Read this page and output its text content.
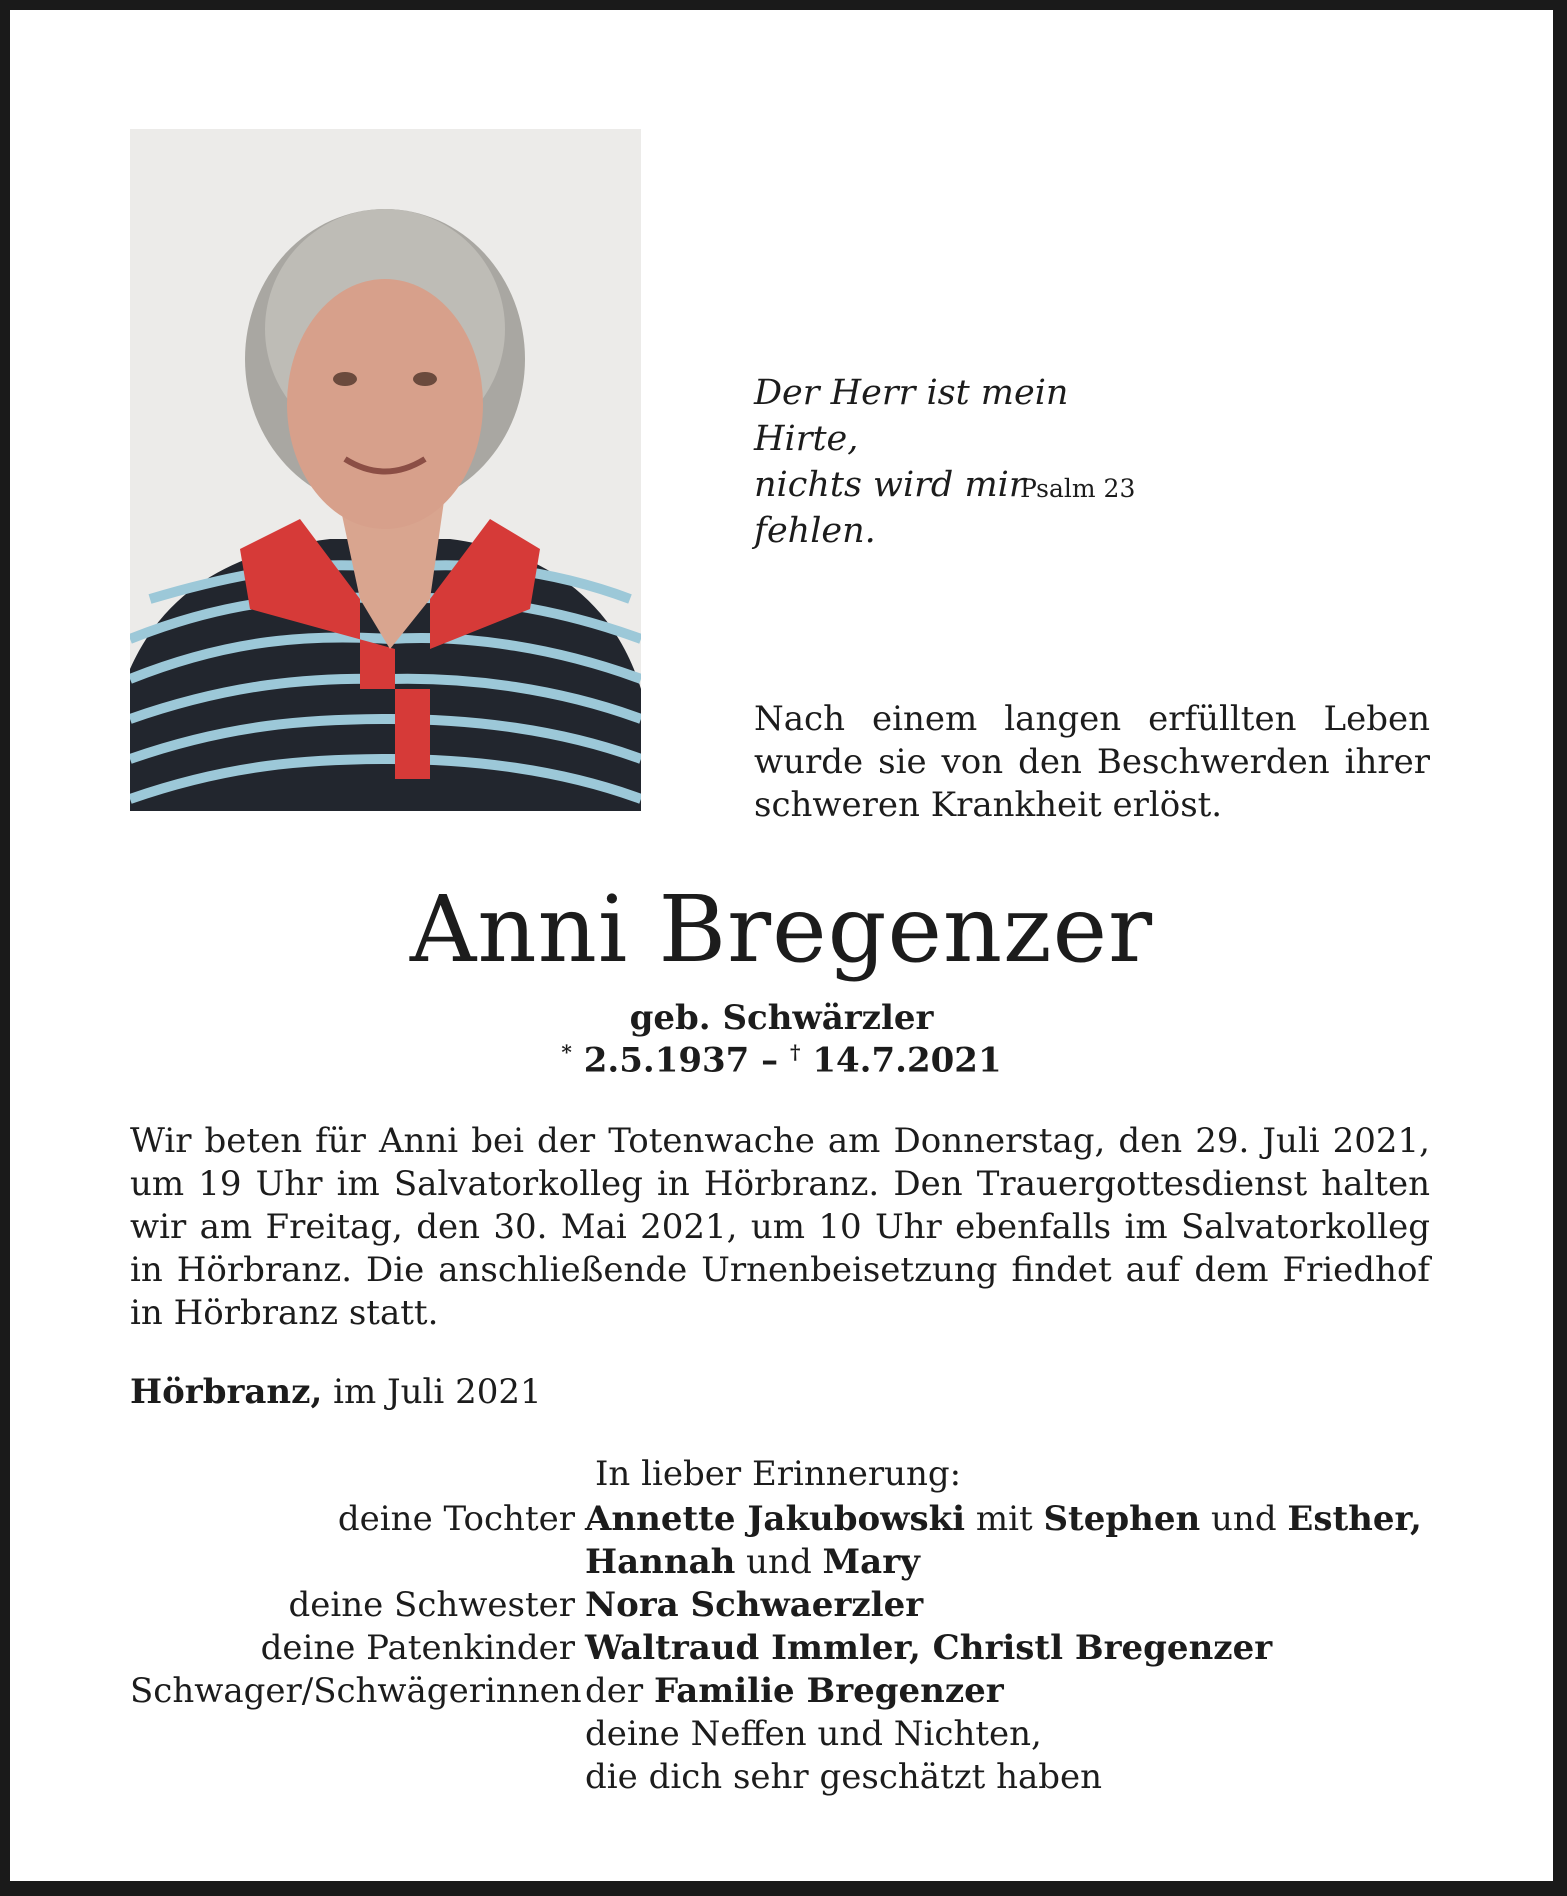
Der Herr ist mein Hirte,
nichts wird mir fehlen.
Psalm 23
Nach einem langen erfüllten Leben wurde sie von den Beschwerden ihrer schweren Krankheit erlöst.
Anni Bregenzer
geb. Schwärzler
* 2.5.1937 – † 14.7.2021
Wir beten für Anni bei der Totenwache am Donnerstag, den 29. Juli 2021, um 19 Uhr im Salvatorkolleg in Hörbranz. Den Trauergottesdienst halten wir am Freitag, den 30. Mai 2021, um 10 Uhr ebenfalls im Salvatorkolleg in Hörbranz. Die anschließende Urnenbeisetzung findet auf dem Friedhof in Hörbranz statt.
Hörbranz, im Juli 2021
In lieber Erinnerung:
deine Tochter Annette Jakubowski mit Stephen und Esther,
Hannah und Mary
deine Schwester Nora Schwaerzler
deine Patenkinder Waltraud Immler, Christl Bregenzer
Schwager/Schwägerinnen der Familie Bregenzer
deine Neffen und Nichten,
die dich sehr geschätzt haben
